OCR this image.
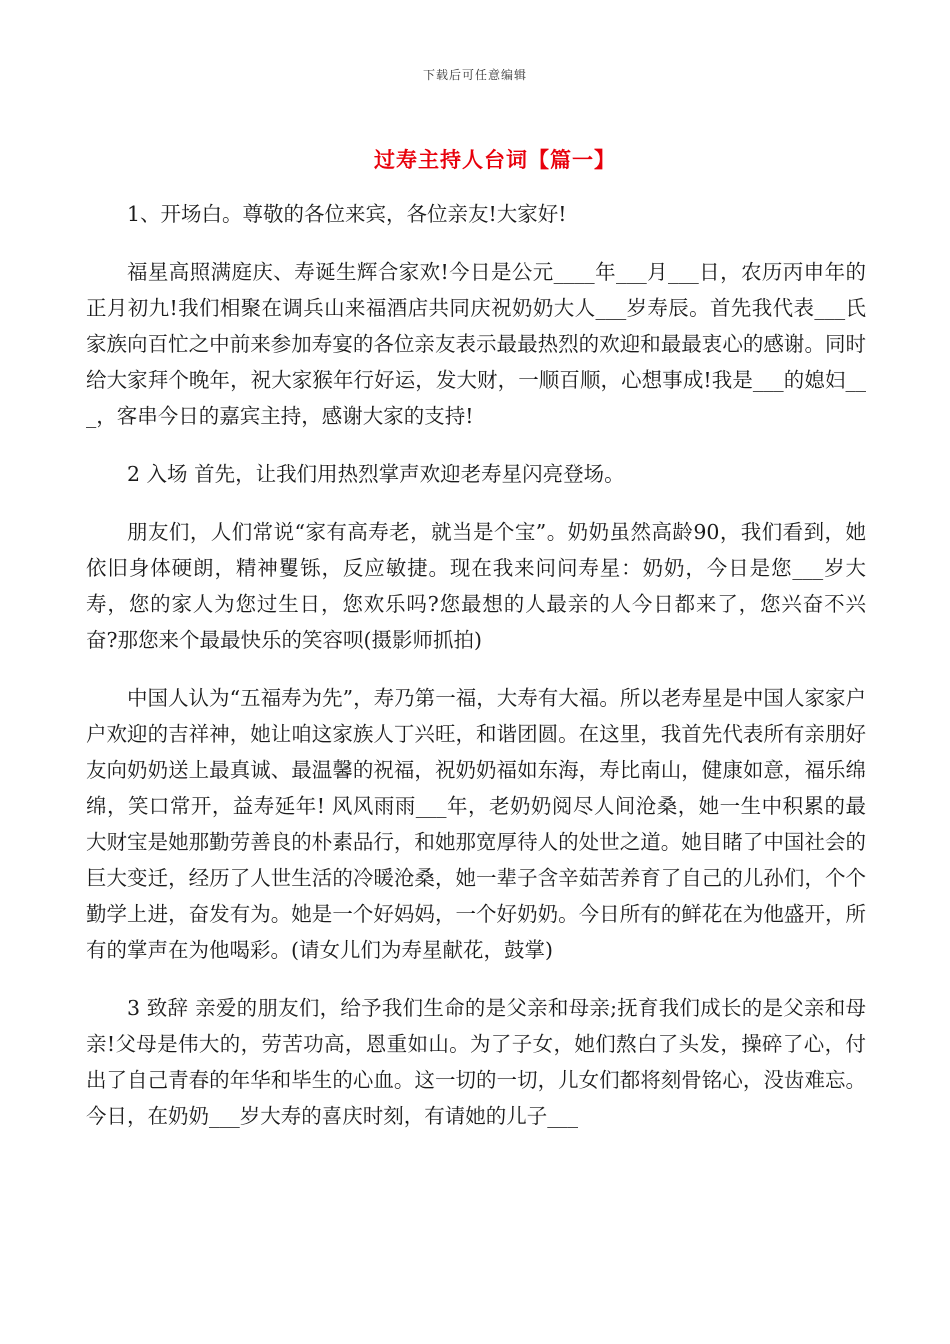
下载后可任意编辑
过寿主持人台词【篇一】

1、开场白。尊敬的各位来宾，各位亲友!大家好!

福星高照满庭庆、寿诞生辉合家欢!今日是公元____年___月___日，农历丙申年的正月初九!我们相聚在调兵山来福酒店共同庆祝奶奶大人___岁寿辰。首先我代表___氏家族向百忙之中前来参加寿宴的各位亲友表示最最热烈的欢迎和最最衷心的感谢。同时给大家拜个晚年，祝大家猴年行好运，发大财，一顺百顺，心想事成!我是___的媳妇___，客串今日的嘉宾主持，感谢大家的支持!

2 入场 首先，让我们用热烈掌声欢迎老寿星闪亮登场。

朋友们，人们常说“家有高寿老，就当是个宝”。奶奶虽然高龄90，我们看到，她依旧身体硬朗，精神矍铄，反应敏捷。现在我来问问寿星：奶奶，今日是您___岁大寿，您的家人为您过生日，您欢乐吗?您最想的人最亲的人今日都来了，您兴奋不兴奋?那您来个最最快乐的笑容呗(摄影师抓拍)

中国人认为“五福寿为先”，寿乃第一福，大寿有大福。所以老寿星是中国人家家户户欢迎的吉祥神，她让咱这家族人丁兴旺，和谐团圆。在这里，我首先代表所有亲朋好友向奶奶送上最真诚、最温馨的祝福，祝奶奶福如东海，寿比南山，健康如意，福乐绵绵，笑口常开，益寿延年! 风风雨雨___年，老奶奶阅尽人间沧桑，她一生中积累的最大财宝是她那勤劳善良的朴素品行，和她那宽厚待人的处世之道。她目睹了中国社会的巨大变迁，经历了人世生活的冷暖沧桑，她一辈子含辛茹苦养育了自己的儿孙们，个个勤学上进，奋发有为。她是一个好妈妈，一个好奶奶。今日所有的鲜花在为他盛开，所有的掌声在为他喝彩。(请女儿们为寿星献花，鼓掌)

3 致辞 亲爱的朋友们，给予我们生命的是父亲和母亲;抚育我们成长的是父亲和母亲!父母是伟大的，劳苦功高，恩重如山。为了子女，她们熬白了头发，操碎了心，付出了自己青春的年华和毕生的心血。这一切的一切，儿女们都将刻骨铭心，没齿难忘。今日，在奶奶___岁大寿的喜庆时刻，有请她的儿子___
